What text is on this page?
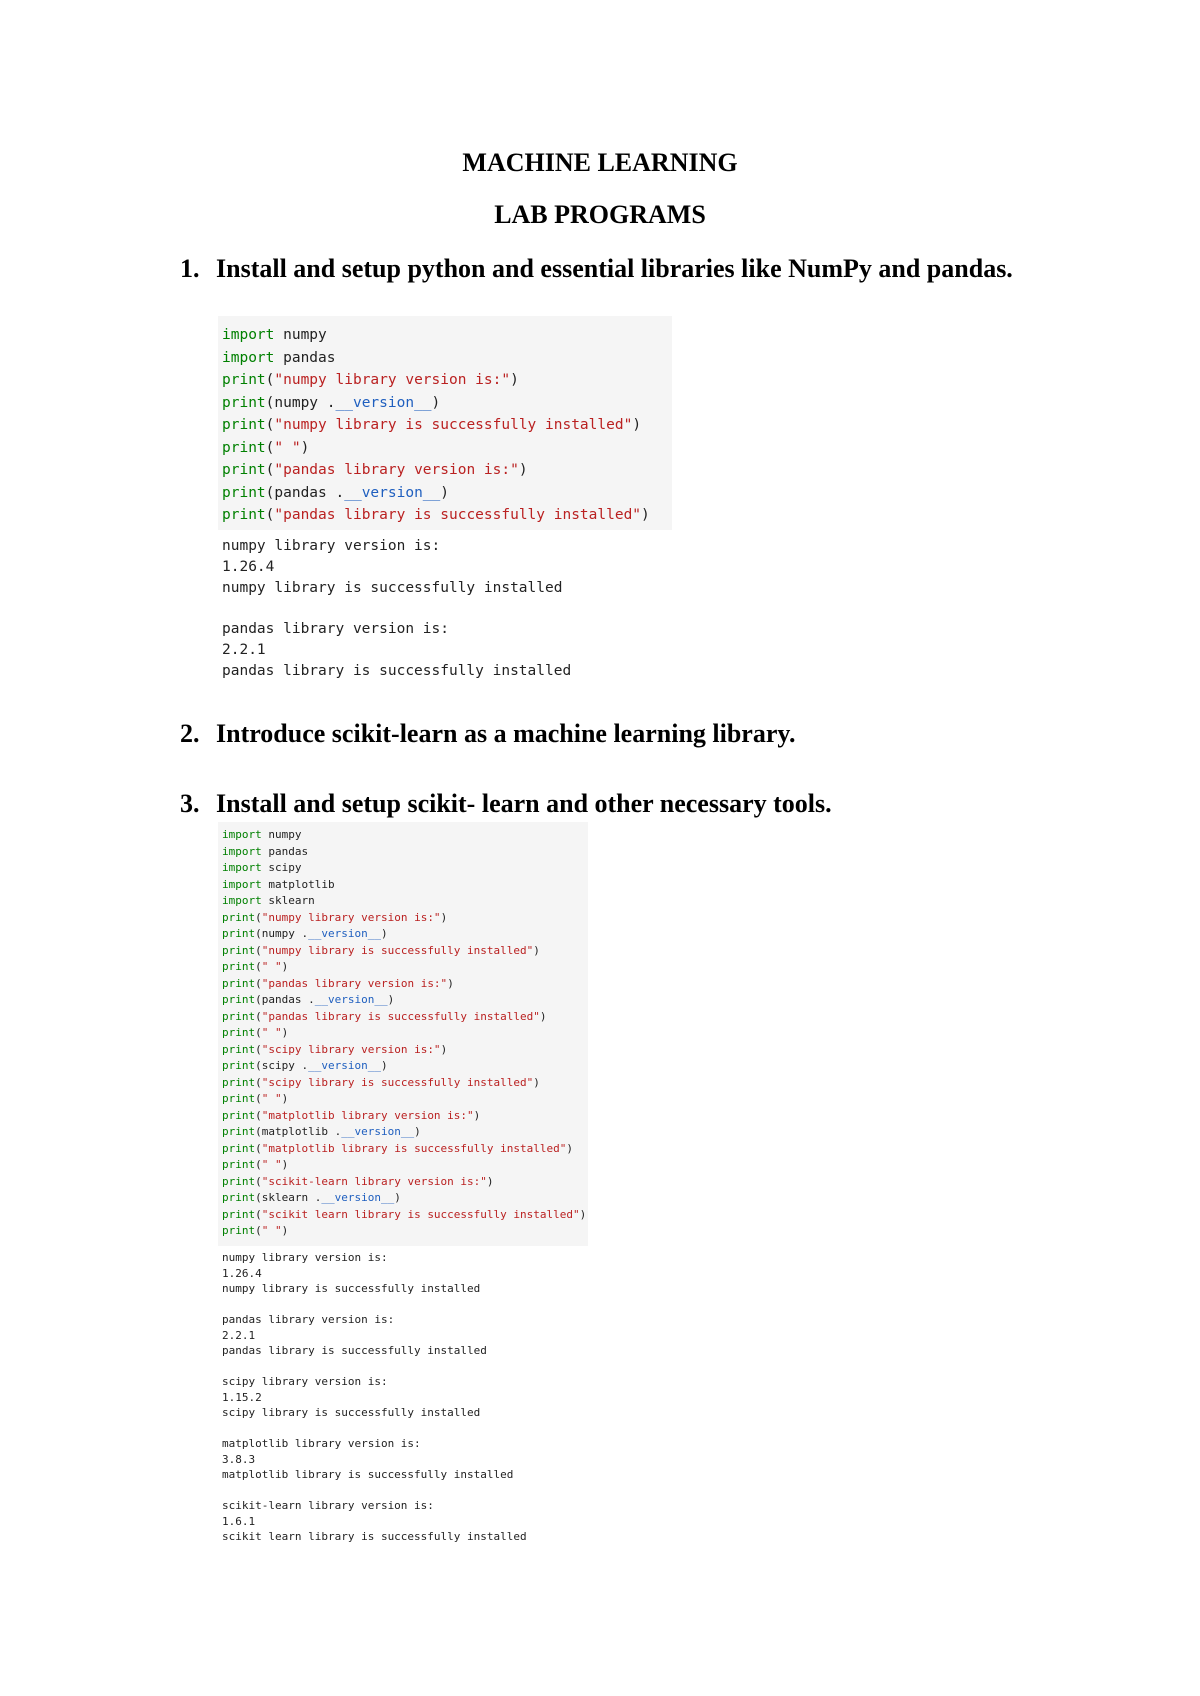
MACHINE LEARNING
LAB PROGRAMS
1. Install and setup python and essential libraries like NumPy and pandas.
import numpy
import pandas
print("numpy library version is:")
print(numpy .__version__)
print("numpy library is successfully installed")
print(" ")
print("pandas library version is:")
print(pandas .__version__)
print("pandas library is successfully installed")
numpy library version is:
1.26.4
numpy library is successfully installed

pandas library version is:
2.2.1
pandas library is successfully installed
2. Introduce scikit-learn as a machine learning library.
3. Install and setup scikit- learn and other necessary tools.
import numpy
import pandas
import scipy
import matplotlib
import sklearn
print("numpy library version is:")
print(numpy .__version__)
print("numpy library is successfully installed")
print(" ")
print("pandas library version is:")
print(pandas .__version__)
print("pandas library is successfully installed")
print(" ")
print("scipy library version is:")
print(scipy .__version__)
print("scipy library is successfully installed")
print(" ")
print("matplotlib library version is:")
print(matplotlib .__version__)
print("matplotlib library is successfully installed")
print(" ")
print("scikit-learn library version is:")
print(sklearn .__version__)
print("scikit learn library is successfully installed")
print(" ")
numpy library version is:
1.26.4
numpy library is successfully installed

pandas library version is:
2.2.1
pandas library is successfully installed

scipy library version is:
1.15.2
scipy library is successfully installed

matplotlib library version is:
3.8.3
matplotlib library is successfully installed

scikit-learn library version is:
1.6.1
scikit learn library is successfully installed
